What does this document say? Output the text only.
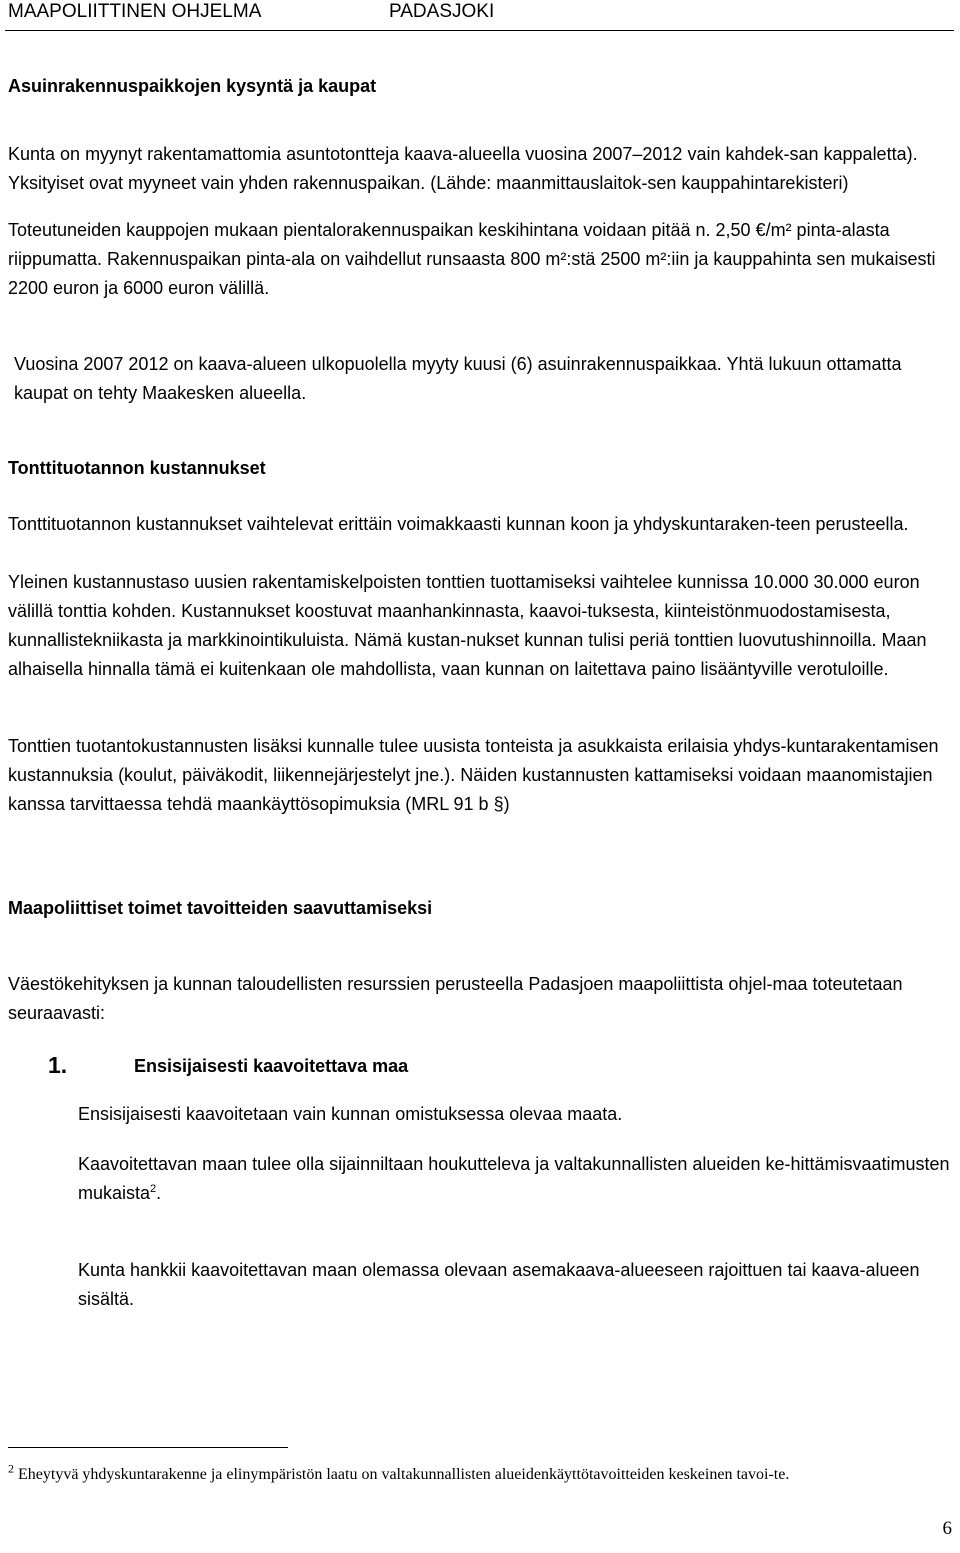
MAAPOLIITTINEN OHJELMA	PADASJOKI
Asuinrakennuspaikkojen kysyntä ja kaupat
Kunta on myynyt rakentamattomia asuntotontteja kaava-alueella vuosina 2007–2012 vain kahdek-san kappaletta). Yksityiset ovat myyneet vain yhden rakennuspaikan. (Lähde: maanmittauslaitok-sen kauppahintarekisteri)
Toteutuneiden kauppojen mukaan pientalorakennuspaikan keskihintana voidaan pitää n. 2,50 €/m² pinta-alasta riippumatta. Rakennuspaikan pinta-ala on vaihdellut runsaasta 800 m²:stä 2500 m²:iin ja kauppahinta sen mukaisesti 2200 euron ja 6000 euron välillä.
Vuosina 2007 2012 on kaava-alueen ulkopuolella myyty kuusi (6) asuinrakennuspaikkaa. Yhtä lukuun ottamatta kaupat on tehty Maakesken alueella.
Tonttituotannon kustannukset
Tonttituotannon kustannukset vaihtelevat erittäin voimakkaasti kunnan koon ja yhdyskuntaraken-teen perusteella.
Yleinen kustannustaso uusien rakentamiskelpoisten tonttien tuottamiseksi vaihtelee kunnissa 10.000 30.000 euron välillä tonttia kohden. Kustannukset koostuvat maanhankinnasta, kaavoi-tuksesta, kiinteistönmuodostamisesta, kunnallistekniikasta ja markkinointikuluista. Nämä kustan-nukset kunnan tulisi periä tonttien luovutushinnoilla. Maan alhaisella hinnalla tämä ei kuitenkaan ole mahdollista, vaan kunnan on laitettava paino lisääntyville verotuloille.
Tonttien tuotantokustannusten lisäksi kunnalle tulee uusista tonteista ja asukkaista erilaisia yhdys-kuntarakentamisen kustannuksia (koulut, päiväkodit, liikennejärjestelyt jne.). Näiden kustannusten kattamiseksi voidaan maanomistajien kanssa tarvittaessa tehdä maankäyttösopimuksia (MRL 91 b §)
Maapoliittiset toimet tavoitteiden saavuttamiseksi
Väestökehityksen ja kunnan taloudellisten resurssien perusteella Padasjoen maapoliittista ohjel-maa toteutetaan seuraavasti:
1.	Ensisijaisesti kaavoitettava maa
Ensisijaisesti kaavoitetaan vain kunnan omistuksessa olevaa maata.
Kaavoitettavan maan tulee olla sijainniltaan houkutteleva ja valtakunnallisten alueiden ke-hittämisvaatimusten mukaista$^2$.
Kunta hankkii kaavoitettavan maan olemassa olevaan asemakaava-alueeseen rajoittuen tai kaava-alueen sisältä.
$^2$ Eheytyvä yhdyskuntarakenne ja elinympäristön laatu on valtakunnallisten alueidenkäyttötavoitteiden keskeinen tavoi-te.
6
